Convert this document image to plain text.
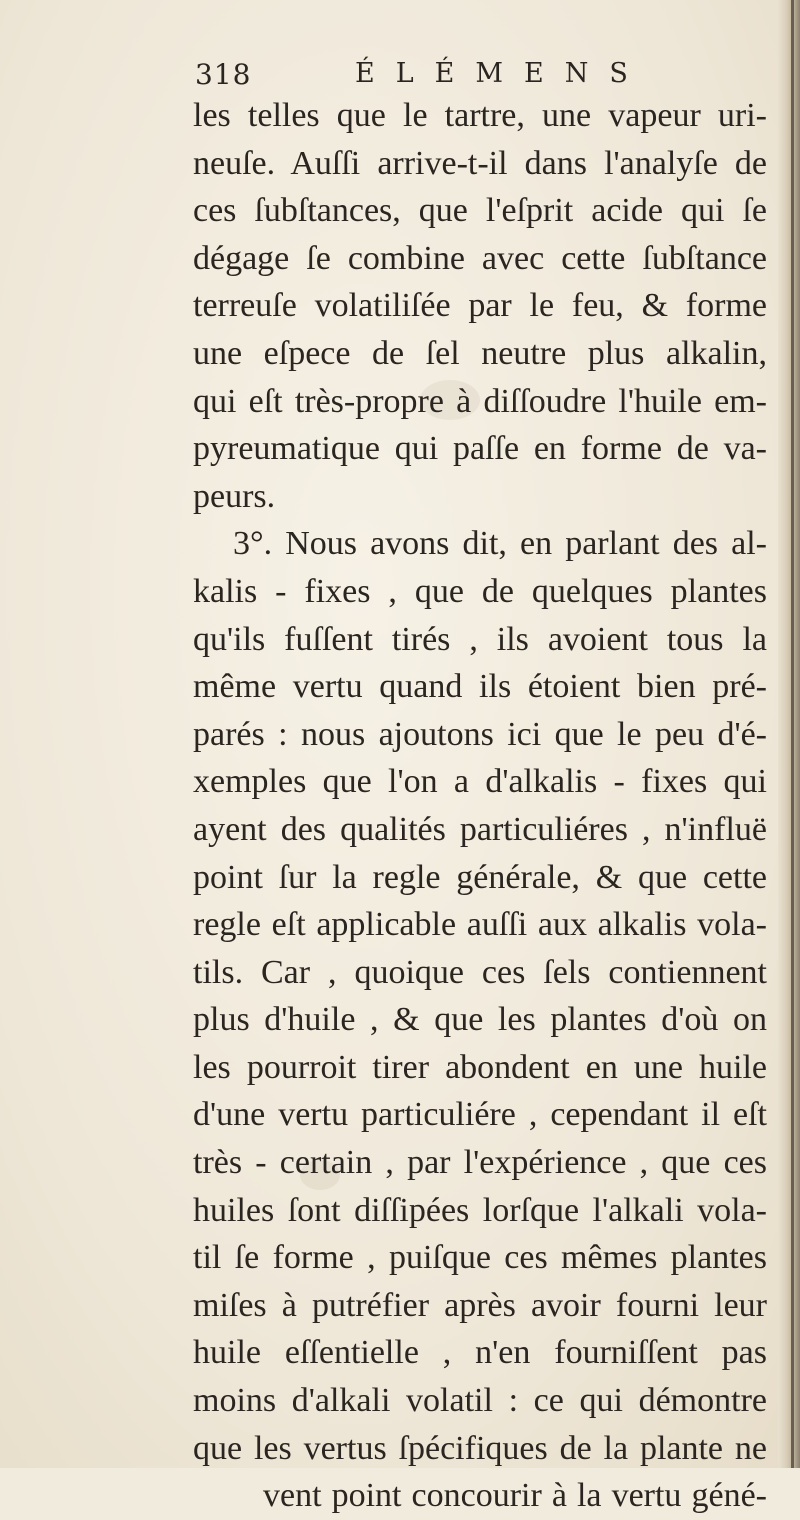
318	ÉLÉMENS
les telles que le tartre, une vapeur uri-
neuſe. Auſſi arrive-t-il dans l'analyſe de
ces ſubſtances, que l'eſprit acide qui ſe
dégage ſe combine avec cette ſubſtance
terreuſe volatiliſée par le feu, & forme
une eſpece de ſel neutre plus alkalin,
qui eſt très-propre à diſſoudre l'huile em-
pyreumatique qui paſſe en forme de va-
peurs.
3°. Nous avons dit, en parlant des al-
kalis - fixes , que de quelques plantes
qu'ils fuſſent tirés , ils avoient tous la
même vertu quand ils étoient bien pré-
parés : nous ajoutons ici que le peu d'é-
xemples que l'on a d'alkalis - fixes qui
ayent des qualités particuliéres , n'influë
point ſur la regle générale, & que cette
regle eſt applicable auſſi aux alkalis vola-
tils. Car , quoique ces ſels contiennent
plus d'huile , & que les plantes d'où on
les pourroit tirer abondent en une huile
d'une vertu particuliére , cependant il eſt
très - certain , par l'expérience , que ces
huiles ſont diſſipées lorſque l'alkali vola-
til ſe forme , puiſque ces mêmes plantes
miſes à putréfier après avoir fourni leur
huile eſſentielle , n'en fourniſſent pas
moins d'alkali volatil : ce qui démontre
que les vertus ſpécifiques de la plante ne
vent point concourir à la vertu géné-
